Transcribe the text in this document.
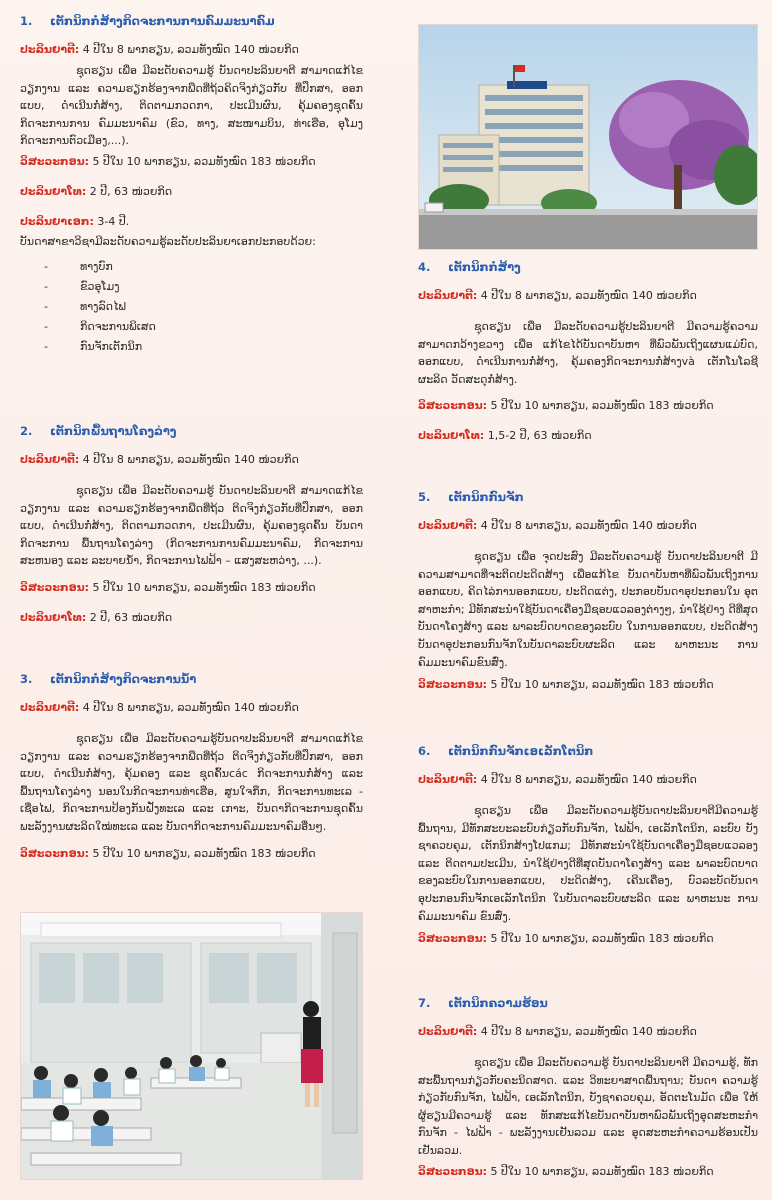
1. ເຕັກນິກກໍ່ສ້າງກິດຈະການການຄົມມະນາຄົມ
ປະລິນຍາຕີ: 4 ປີໃນ 8 ພາກຮຽນ, ລວມທັງໝົດ 140 ໜ່ວຍກິດ
ຊຸດຮຽນ ເພື່ອ ມີລະດັບຄວາມຮູ້ ບັນດາປະລິນຍາຕີ ສາມາດແກ້ໄຂ ວຽກງານ ແລະ ຄວາມຮຽກຮ້ອງຈາກພືດທີ່ຖ້ວຄິດຈິງກ່ຽວກັບ ທີ່ປຶກສາ, ອອກແບບ, ດຳເນີນກໍ່ສ້າງ, ຕິດຕາມກວດກາ, ປະເມີນຜົນ, ຄຸ້ມຄອງຊຸດຄົ້ນ ກິດຈະການການ ຄົມມະນາຄົມ (ຂົວ, ທາງ, ສະໜາມບິນ, ທ່າເຮືອ, ອຸໂມງກິດຈະການຕົວເມືອງ,...).
ວິສະວະກອນ: 5 ປີໃນ 10 ພາກຮຽນ, ລວມທັງໝົດ 183 ໜ່ວຍກິດ
ປະລິນຍາໂທ: 2 ປີ, 63 ໜ່ວຍກິດ
ປະລິນຍາເອກ: 3-4 ປີ.
ບັນດາສາຂາວິຊາມີລະດັບຄວາມຮູ້ລະດັບປະລິນຍາເອກປະກອບດ້ວຍ:
- ທາງບົກ
- ຂົວອຸໂມງ
- ທາງລົດໄຟ
- ກິດຈະການພິເສດ
- ກົນຈັກເຕັກນິກ
2. ເຕັກນິກພື້ນຖານໂຄງລ່າງ
ປະລິນຍາຕີ: 4 ປີໃນ 8 ພາກຮຽນ, ລວມທັງໝົດ 140 ໜ່ວຍກິດ
ຊຸດຮຽນ ເພື່ອ ມີລະດັບຄວາມຮູ້ ບັນດາປະລິນຍາຕີ ສາມາດແກ້ໄຂ ວຽກງານ ແລະ ຄວາມຮຽກຮ້ອງຈາກພືດທີ່ຖ້ວ ຕິດຈິງກ່ຽວກັບທີ່ປຶກສາ, ອອກແບບ, ດຳເນີນກໍ່ສ້າງ, ຕິດຕາມກວດກາ, ປະເມີນຜົນ, ຄຸ້ມຄອງຊຸດຄົ້ນ ບັນດາກິດຈະການ ພື້ນຖານໂຄງລ່າງ (ກິດຈະການການຄົມມະນາຄົມ, ກິດຈະການ ສະຫນອງ ແລະ ລະບາຍນ້ຳ, ກິດຈະການໄຟຟ້າ – ແສງສະຫວ່າງ, ...).
ວິສະວະກອນ: 5 ປີໃນ 10 ພາກຮຽນ, ລວມທັງໝົດ 183 ໜ່ວຍກິດ
ປະລິນຍາໂທ: 2 ປີ, 63 ໜ່ວຍກິດ
3. ເຕັກນິກກໍ່ສ້າງກິດຈະການນ້ຳ
ປະລິນຍາຕີ: 4 ປີໃນ 8 ພາກຮຽນ, ລວມທັງໝົດ 140 ໜ່ວຍກິດ
ຊຸດຮຽນ ເພື່ອ ມີລະດັບຄວາມຮູ້ບັນດາປະລິນຍາຕີ ສາມາດແກ້ໄຂ ວຽກງານ ແລະ ຄວາມຮຽກຮ້ອງຈາກພືດທີ່ຖ້ວ ຕິດຈິງກ່ຽວກັບທີ່ປຶກສາ, ອອກແບບ, ດຳເນີນກໍ່ສ້າງ, ຄຸ້ມຄອງ ແລະ ຊຸດຄົ້ນcác ກິດຈະການກໍ່ສ້າງ ແລະ ພື້ນຖານໂຄງລ່າງ ນອນໃນກິດຈະການທ່າເຮືອ, ສູນໃຈກຶກ, ກິດຈະການທະເລ - ເຊື່ອໄຟ, ກິດຈະການປ້ອງກັນຝັ່ງທະເລ ແລະ ເກາະ, ບັນດາກິດຈະການຊຸດຄົ້ນ ພະລັງງານຜະລິດໃໝ່ທະເລ ແລະ ບັນດາກິດຈະການຄົມມະນາຄົມອື່ນໆ.
ວິສະວະກອນ: 5 ປີໃນ 10 ພາກຮຽນ, ລວມທັງໝົດ 183 ໜ່ວຍກິດ
4. ເຕັກນິກກໍ່ສ້າງ
ປະລິນຍາຕີ: 4 ປີໃນ 8 ພາກຮຽນ, ລວມທັງໝົດ 140 ໜ່ວຍກິດ
ຊຸດຮຽນ ເພື່ອ ມີລະດັບຄວາມຮູ້ປະລິນຍາຕີ ມີຄວາມຮູ້ຄວາມ ສາມາດກວ້າງຂວາງ ເພື່ອ ແກ້ໄຂໄດ້ບັນດາບັນຫາ ທີ່ພົວພັນເຖິງແຜນແມ່ບົດ, ອອກແບບ, ດຳເນີນການກໍ່ສ້າງ, ຄຸ້ມຄອງກິດຈະການກໍ່ສ້າງvà ເຕັກໂນໂລຊີຜະລິດ ວັດສະດຸກໍ່ສ້າງ.
ວິສະວະກອນ: 5 ປີໃນ 10 ພາກຮຽນ, ລວມທັງໝົດ 183 ໜ່ວຍກິດ
ປະລິນຍາໂທ: 1,5-2 ປີ, 63 ໜ່ວຍກິດ
5. ເຕັກນິກກົນຈັກ
ປະລິນຍາຕີ: 4 ປີໃນ 8 ພາກຮຽນ, ລວມທັງໝົດ 140 ໜ່ວຍກິດ
ຊຸດຮຽນ ເພື່ອ ຈຸດປະສົງ ມີລະດັບຄວາມຮູ້ ບັນດາປະລິນຍາຕີ ມີຄວາມສາມາດທີ່ຈະຕິດປະດິດສ້າງ ເພື່ອແກ້ໄຂ ບັນດາບັນຫາທີ່ພົວພັນເຖິງການ ອອກແບບ, ຄິດໄລ່ການອອກແບບ, ປະດິດແຕ່ງ, ປະກອບບັນດາອຸປະກອນໃນ ອຸຕສາຫະກຳ; ມີທັກສະນຳໃຊ້ບັນດາເຄື່ອງມືຊອບແວລອງຕ່າງໆ, ນຳໃຊ້ຢ່າງ ດີທີ່ສຸດບັນດາໂຄງສ້າງ ແລະ ພາລະບົດບາດຂອງລະບົບ ໃນການອອກແບບ, ປະດິດສ້າງບັນດາອຸປະກອນກົນຈັກໃນບັນດາລະບົບຜະລິດ ແລະ ພາຫະນະ ການຄົມມະນາຄົມຂົນສົ່ງ.
ວິສະວະກອນ: 5 ປີໃນ 10 ພາກຮຽນ, ລວມທັງໝົດ 183 ໜ່ວຍກິດ
6. ເຕັກນິກກົນຈັກເອເລັກໂຕນິກ
ປະລິນຍາຕີ: 4 ປີໃນ 8 ພາກຮຽນ, ລວມທັງໝົດ 140 ໜ່ວຍກິດ
ຊຸດຮຽນ ເພື່ອ ມີລະດັບຄວາມຮູ້ບັນດາປະລິນຍາຕີມີຄວາມຮູ້ ພື້ນຖານ, ມີທັກສະບະລະບົບກ່ຽວກັບກົນຈັກ, ໄຟຟ້າ, ເອເລັກໂຕນິກ, ລະບົບ ບັງຊາຄວບຄຸມ, ເຕັກນິກສ້າງໂປແກມ; ມີທັກສະນຳໃຊ້ບັນດາເຄື່ອງມືຊອບແວລອງ ແລະ ຕິດຕາມປະເມີນ, ນຳໃຊ້ຢ່າງດີທີ່ສຸດບັນດາໂຄງສ້າງ ແລະ ພາລະບົດບາດ ຂອງລະບົບໃນການອອກແບບ, ປະດິດສ້າງ, ເຄີນເຄື່ອງ, ບົວລະບັດບັນດາ ອຸປະກອນກົນຈັກເອເລັກໂຕນິກ ໃນບັນດາລະບົບຜະລິດ ແລະ ພາຫະນະ ການຄົມມະນາຄົມ ຂົນສົ່ງ.
ວິສະວະກອນ: 5 ປີໃນ 10 ພາກຮຽນ, ລວມທັງໝົດ 183 ໜ່ວຍກິດ
7. ເຕັກນິກຄວາມຮ້ອນ
ປະລິນຍາຕີ: 4 ປີໃນ 8 ພາກຮຽນ, ລວມທັງໝົດ 140 ໜ່ວຍກິດ
ຊຸດຮຽນ ເພື່ອ ມີລະດັບຄວາມຮູ້ ບັນດາປະລິນຍາຕີ ມີຄວາມຮູ້, ທັກສະພື້ນຖານກ່ຽວກັບຄະນິດສາດ. ແລະ ວິທະຍາສາດພື້ນຖານ; ບັນດາ ຄວາມຮູ້ກ່ຽວກັບກົນຈັກ, ໄຟຟ້າ, ເອເລັກໂຕນິກ, ບັງຊາຄວບຄຸມ, ອັດຕະໂນມັດ ເພື່ອ ໃຫ້ຜູ້ຮຽນມີຄວາມຮູ້ ແລະ ທັກສະແກ້ໄຂບັນດາບັນຫາພົວພັນເຖິງອຸດສະຫະກຳ ກົນຈັກ - ໄຟຟ້າ - ພະລັງງານເຢັນລວມ ແລະ ອຸດສະຫະກຳຄວາມຮ້ອນເປັນ ເຢັນລວມ.
ວິສະວະກອນ: 5 ປີໃນ 10 ພາກຮຽນ, ລວມທັງໝົດ 183 ໜ່ວຍກິດ
